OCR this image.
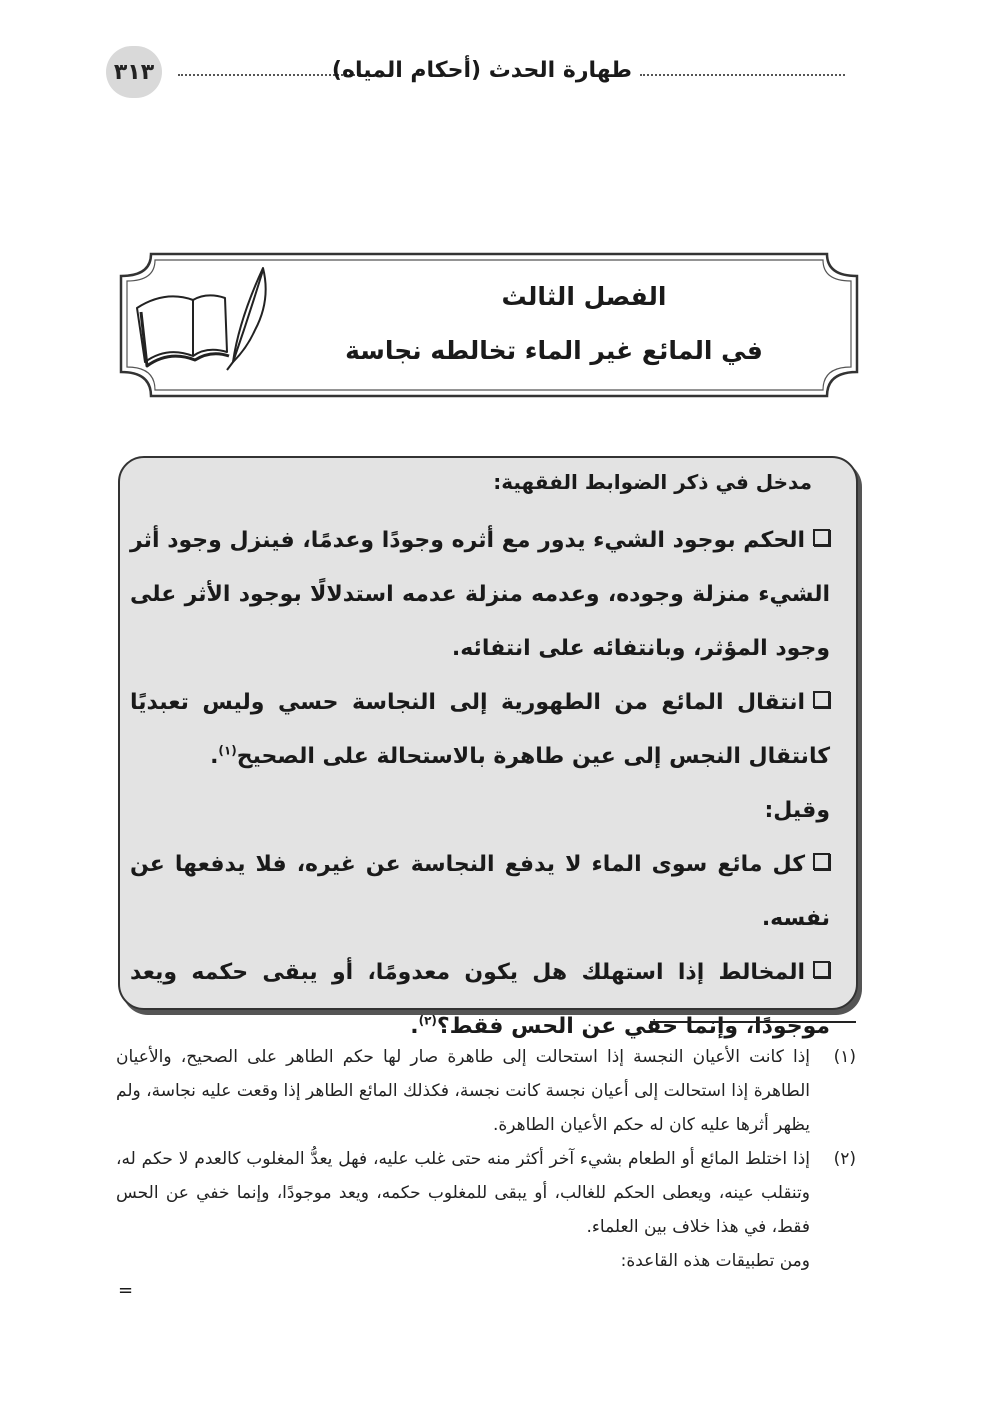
٣١٣	طهارة الحدث (أحكام المياه)
الفصل الثالث
في المائع غير الماء تخالطه نجاسة
مدخل في ذكر الضوابط الفقهية:

الحكم بوجود الشيء يدور مع أثره وجودًا وعدمًا، فينزل وجود أثر الشيء منزلة وجوده، وعدمه منزلة عدمه استدلالًا بوجود الأثر على وجود المؤثر، وبانتفائه على انتفائه.

انتقال المائع من الطهورية إلى النجاسة حسي وليس تعبديًا كانتقال النجس إلى عين طاهرة بالاستحالة على الصحيح$^{(١)}$.

وقيل:

كل مائع سوى الماء لا يدفع النجاسة عن غيره، فلا يدفعها عن نفسه.

المخالط إذا استهلك هل يكون معدومًا، أو يبقى حكمه ويعد موجودًا، وإنما خفي عن الحس فقط؟$^{(٢)}$.

(١)
إذا كانت الأعيان النجسة إذا استحالت إلى طاهرة صار لها حكم الطاهر على الصحيح، والأعيان الطاهرة إذا استحالت إلى أعيان نجسة كانت نجسة، فكذلك المائع الطاهر إذا وقعت عليه نجاسة، ولم يظهر أثرها عليه كان له حكم الأعيان الطاهرة.
(٢)
إذا اختلط المائع أو الطعام بشيء آخر أكثر منه حتى غلب عليه، فهل يعدُّ المغلوب كالعدم لا حكم له، وتنقلب عينه، ويعطى الحكم للغالب، أو يبقى للمغلوب حكمه، ويعد موجودًا، وإنما خفي عن الحس فقط، في هذا خلاف بين العلماء.
ومن تطبيقات هذه القاعدة:
=
